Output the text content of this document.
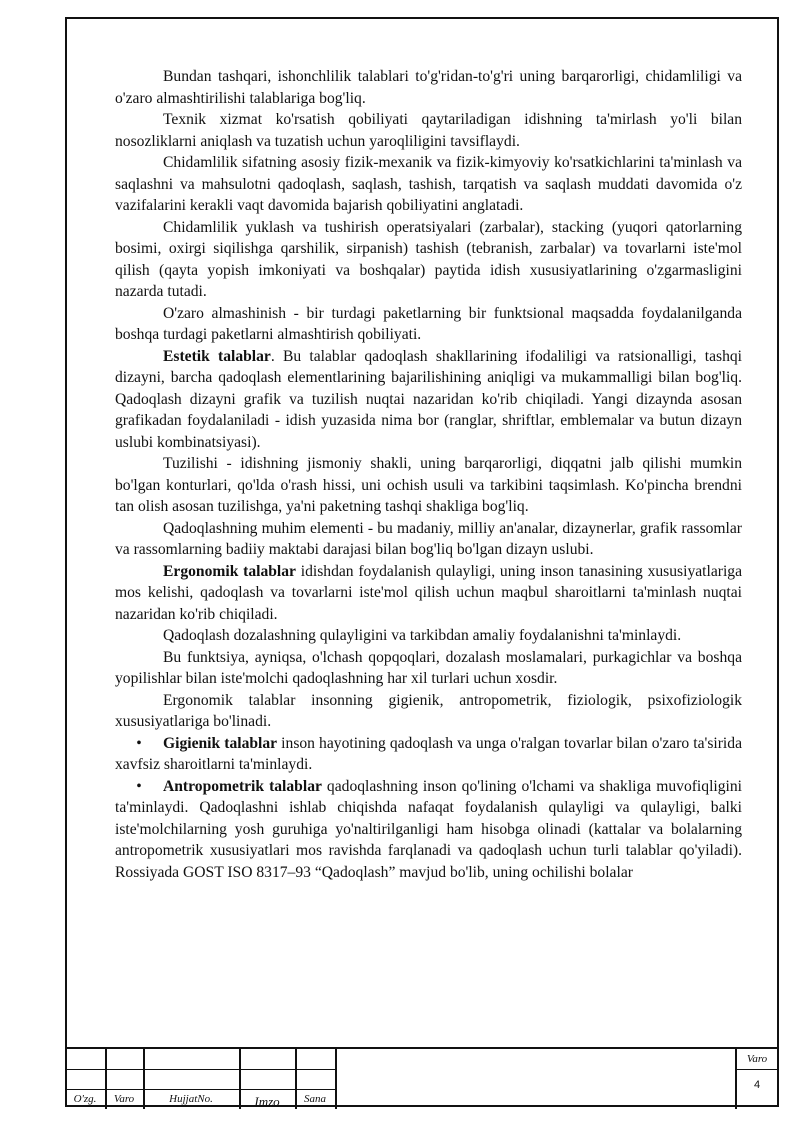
Bundan tashqari, ishonchlilik talablari to'g'ridan-to'g'ri uning barqarorligi, chidamliligi va o'zaro almashtirilishi talablariga bog'liq.

Texnik xizmat ko'rsatish qobiliyati qaytariladigan idishning ta'mirlash yo'li bilan nosozliklarni aniqlash va tuzatish uchun yaroqliligini tavsiflaydi.

Chidamlilik sifatning asosiy fizik-mexanik va fizik-kimyoviy ko'rsatkichlarini ta'minlash va saqlashni va mahsulotni qadoqlash, saqlash, tashish, tarqatish va saqlash muddati davomida o'z vazifalarini kerakli vaqt davomida bajarish qobiliyatini anglatadi.

Chidamlilik yuklash va tushirish operatsiyalari (zarbalar), stacking (yuqori qatorlarning bosimi, oxirgi siqilishga qarshilik, sirpanish) tashish (tebranish, zarbalar) va tovarlarni iste'mol qilish (qayta yopish imkoniyati va boshqalar) paytida idish xususiyatlarining o'zgarmasligini nazarda tutadi.

O'zaro almashinish - bir turdagi paketlarning bir funktsional maqsadda foydalanilganda boshqa turdagi paketlarni almashtirish qobiliyati.

Estetik talablar. Bu talablar qadoqlash shakllarining ifodaliligi va ratsionalligi, tashqi dizayni, barcha qadoqlash elementlarining bajarilishining aniqligi va mukammalligi bilan bog'liq. Qadoqlash dizayni grafik va tuzilish nuqtai nazaridan ko'rib chiqiladi. Yangi dizaynda asosan grafikadan foydalaniladi - idish yuzasida nima bor (ranglar, shriftlar, emblemalar va butun dizayn uslubi kombinatsiyasi).

Tuzilishi - idishning jismoniy shakli, uning barqarorligi, diqqatni jalb qilishi mumkin bo'lgan konturlari, qo'lda o'rash hissi, uni ochish usuli va tarkibini taqsimlash. Ko'pincha brendni tan olish asosan tuzilishga, ya'ni paketning tashqi shakliga bog'liq.

Qadoqlashning muhim elementi - bu madaniy, milliy an'analar, dizaynerlar, grafik rassomlar va rassomlarning badiiy maktabi darajasi bilan bog'liq bo'lgan dizayn uslubi.

Ergonomik talablar idishdan foydalanish qulayligi, uning inson tanasining xususiyatlariga mos kelishi, qadoqlash va tovarlarni iste'mol qilish uchun maqbul sharoitlarni ta'minlash nuqtai nazaridan ko'rib chiqiladi.

Qadoqlash dozalashning qulayligini va tarkibdan amaliy foydalanishni ta'minlaydi.

Bu funktsiya, ayniqsa, o'lchash qopqoqlari, dozalash moslamalari, purkagichlar va boshqa yopilishlar bilan iste'molchi qadoqlashning har xil turlari uchun xosdir.

Ergonomik talablar insonning gigienik, antropometrik, fiziologik, psixofiziologik xususiyatlariga bo'linadi.

• Gigienik talablar inson hayotining qadoqlash va unga o'ralgan tovarlar bilan o'zaro ta'sirida xavfsiz sharoitlarni ta'minlaydi.

• Antropometrik talablar qadoqlashning inson qo'lining o'lchami va shakliga muvofiqligini ta'minlaydi. Qadoqlashni ishlab chiqishda nafaqat foydalanish qulayligi va qulayligi, balki iste'molchilarning yosh guruhiga yo'naltirilganligi ham hisobga olinadi (kattalar va bolalarning antropometrik xususiyatlari mos ravishda farqlanadi va qadoqlash uchun turli talablar qo'yiladi). Rossiyada GOST ISO 8317–93 “Qadoqlash” mavjud bo'lib, uning ochilishi bolalar

O'zg.	Varo	HujjatNo.	Imzo	Sana
Varo
4
